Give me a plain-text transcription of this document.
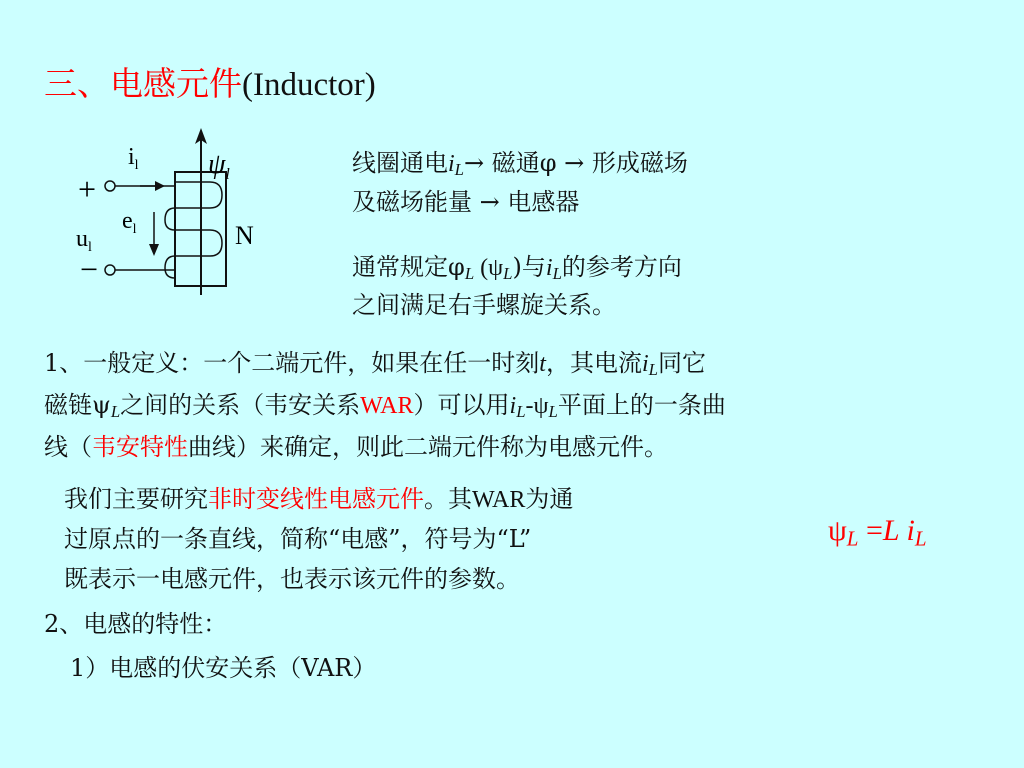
三、电感元件(Inductor)
$i_l$ $\psi_l$
+
$e_l$
$u_l$	N
−
线圈通电$i_L\to$ 磁通φ → 形成磁场
及磁场能量 → 电感器
通常规定$\varphi_L$ $(\psi_L)$与$i_L$的参考方向
之间满足右手螺旋关系。
1、一般定义：一个二端元件，如果在任一时刻t，其电流$i_L$同它
磁链$\psi_L$之间的关系（韦安关系WAR）可以用$i_L-\psi_L$平面上的一条曲
线（韦安特性曲线）来确定，则此二端元件称为电感元件。
我们主要研究非时变线性电感元件。其WAR为通
过原点的一条直线，简称“电感”，符号为“L”
既表示一电感元件，也表示该元件的参数。
$\psi_L =L$ $i_L$
2、电感的特性：
1）电感的伏安关系（VAR）
